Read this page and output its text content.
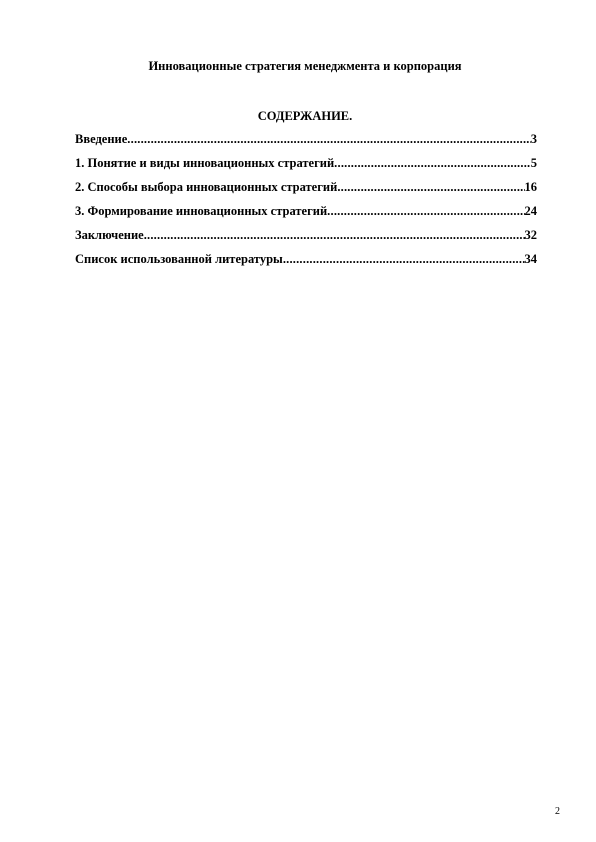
Инновационные стратегия менеджмента и корпорация
СОДЕРЖАНИЕ.
Введение .....	3
1. Понятие и виды инновационных стратегий .....	5
2. Способы выбора инновационных стратегий .....	16
3. Формирование инновационных стратегий .....	24
Заключение .....	32
Список использованной литературы .....	34
2
